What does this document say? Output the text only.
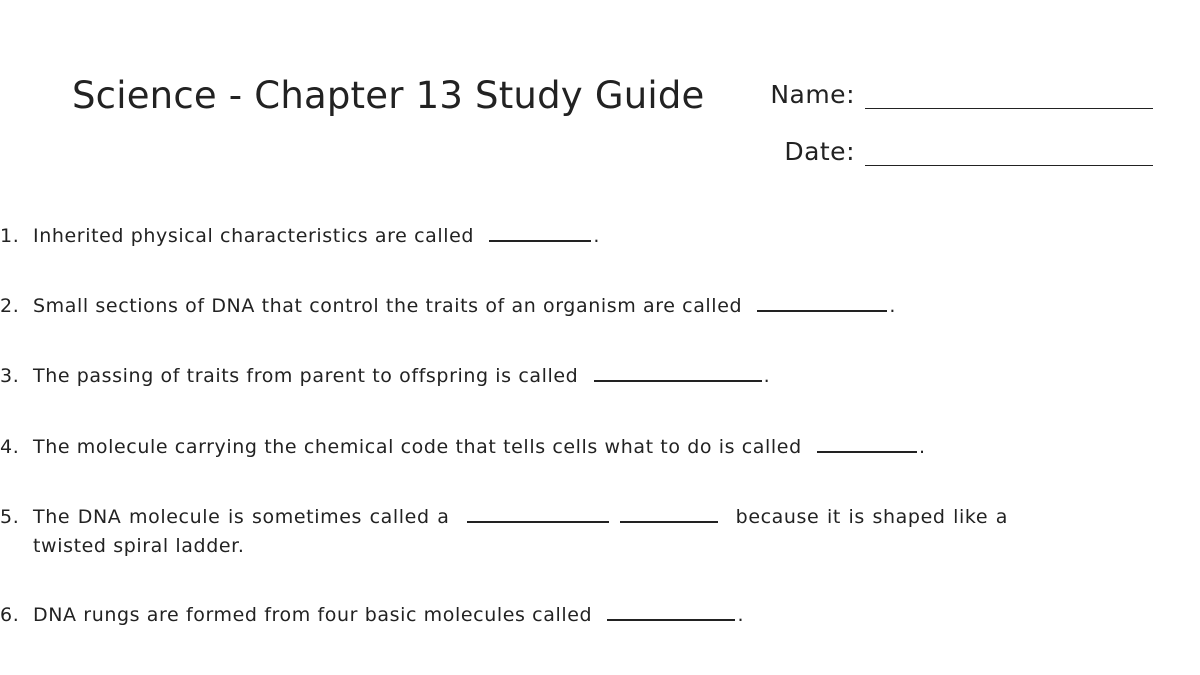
Science - Chapter 13 Study Guide	Name:
Date:
1. Inherited physical characteristics are called	.
2. Small sections of DNA that control the traits of an organism are called	.
3. The passing of traits from parent to offspring is called	.
4. The molecule carrying the chemical code that tells cells what to do is called	.
5. The DNA molecule is sometimes called a	because it is shaped like a twisted spiral ladder.
6. DNA rungs are formed from four basic molecules called	.
